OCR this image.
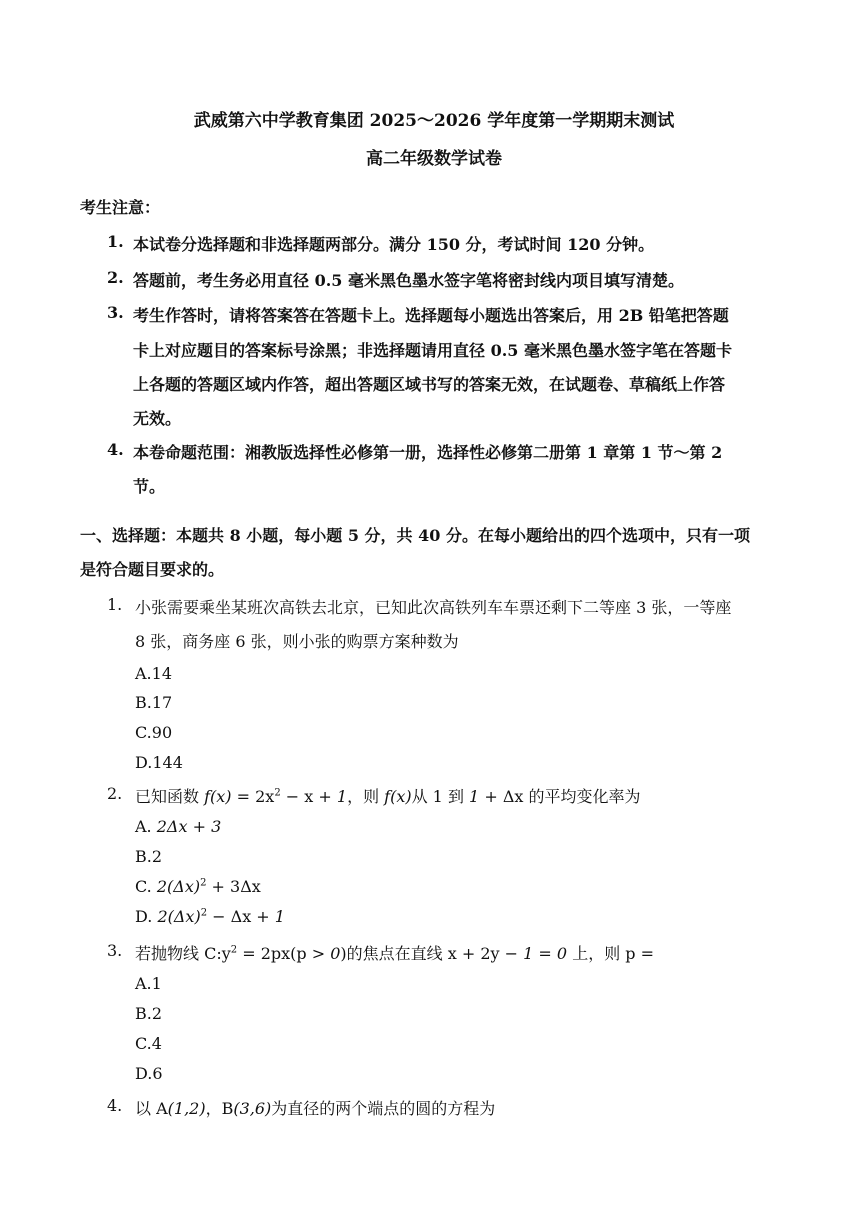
武威第六中学教育集团 2025～2026 学年度第一学期期末测试
高二年级数学试卷
考生注意：
1. 本试卷分选择题和非选择题两部分。满分 150 分，考试时间 120 分钟。
2. 答题前，考生务必用直径 0.5 毫米黑色墨水签字笔将密封线内项目填写清楚。
3. 考生作答时，请将答案答在答题卡上。选择题每小题选出答案后，用 2B 铅笔把答题
卡上对应题目的答案标号涂黑；非选择题请用直径 0.5 毫米黑色墨水签字笔在答题卡
上各题的答题区域内作答，超出答题区域书写的答案无效，在试题卷、草稿纸上作答
无效。
4. 本卷命题范围：湘教版选择性必修第一册，选择性必修第二册第 1 章第 1 节～第 2
节。
一、选择题：本题共 8 小题，每小题 5 分，共 40 分。在每小题给出的四个选项中，只有一项
是符合题目要求的。
1. 小张需要乘坐某班次高铁去北京，已知此次高铁列车车票还剩下二等座 3 张，一等座
8 张，商务座 6 张，则小张的购票方案种数为
A.14
B.17
C.90
D.144
2. 已知函数 $f(x) = 2x^2 - x + 1$，则 f(x)从 1 到 1 + Δx 的平均变化率为
A. 2Δx + 3
B.2
C. $2(\Delta x)^2 + 3\Delta x$
D. $2(\Delta x)^2 - \Delta x + 1$
3. 若抛物线 $C:y^2 = 2px(p > 0)$的焦点在直线 x + 2y − 1 = 0 上，则 p =
A.1
B.2
C.4
D.6
4. 以 A(1,2)，B(3,6)为直径的两个端点的圆的方程为
